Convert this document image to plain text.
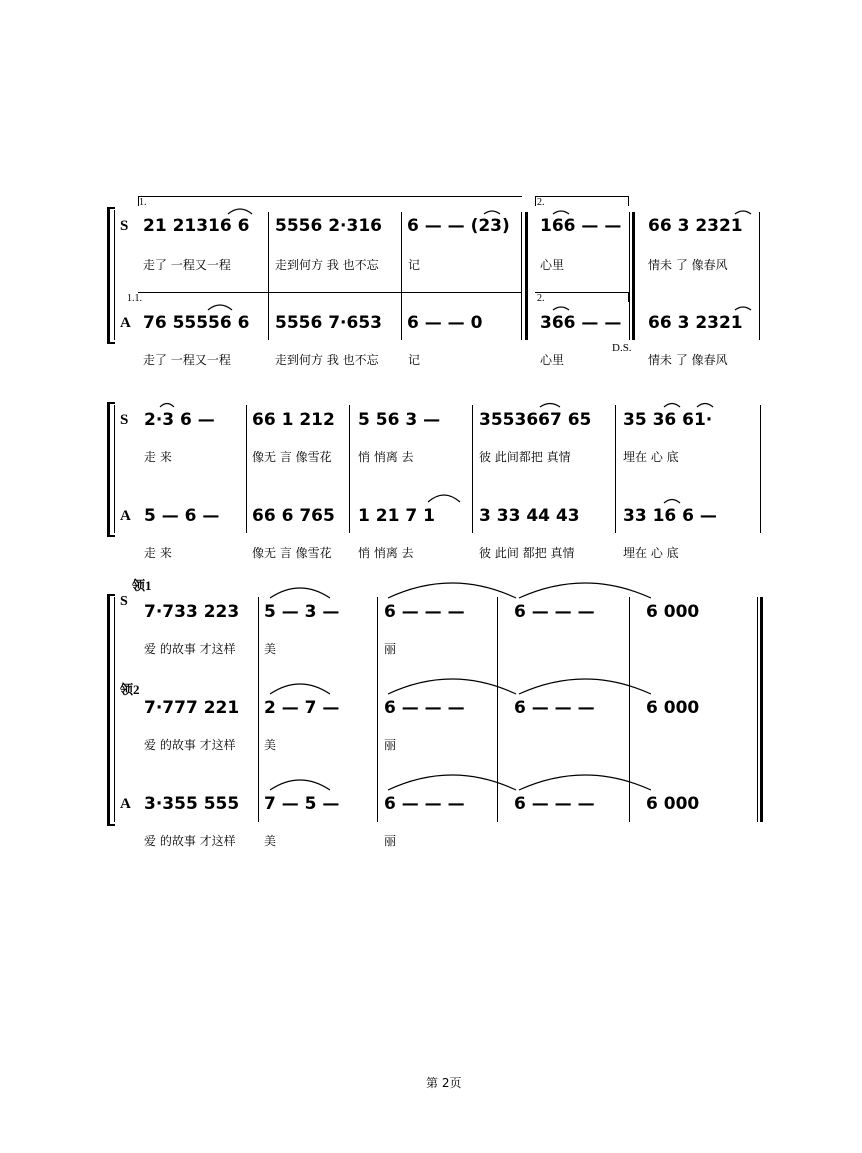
1.	2.
1.1.	2.
S 21 21316 6 5556 2·316 6 — — (23) 166 — — 66 3 2321
走了 一程又一程	走到何方 我 也不忘 记	心里	情未 了 像春风
A 76 55556 6 5556 7·653 6 — — 0	366 — — 66 3 2321
走了 一程又一程	走到何方 我 也不忘 记	心里	情未 了 像春风
D.S.
S 2·3 6 — 66 1 212 5 56 3 — 3553667 65 35 36 61·
走 来	像无 言 像雪花 悄 悄离 去	彼 此间都把 真情	埋在 心 底
A 5 — 6 — 66 6 765 1 21 7 1	3 33 44 43	33 16 6 —
走 来	像无 言 像雪花 悄 悄离 去	彼 此间 都把 真情	埋在 心 底
领1
S
7·733 223 5 — 3 —	6 — — —	6 — — —	6 000
爱 的故事 才这样 美	丽
领2
7·777 221 2 — 7 —	6 — — —	6 — — —	6 000
爱 的故事 才这样 美	丽
A 3·355 555 7 — 5 —	6 — — —	6 — — —	6 000
爱 的故事 才这样 美	丽
第 2页
